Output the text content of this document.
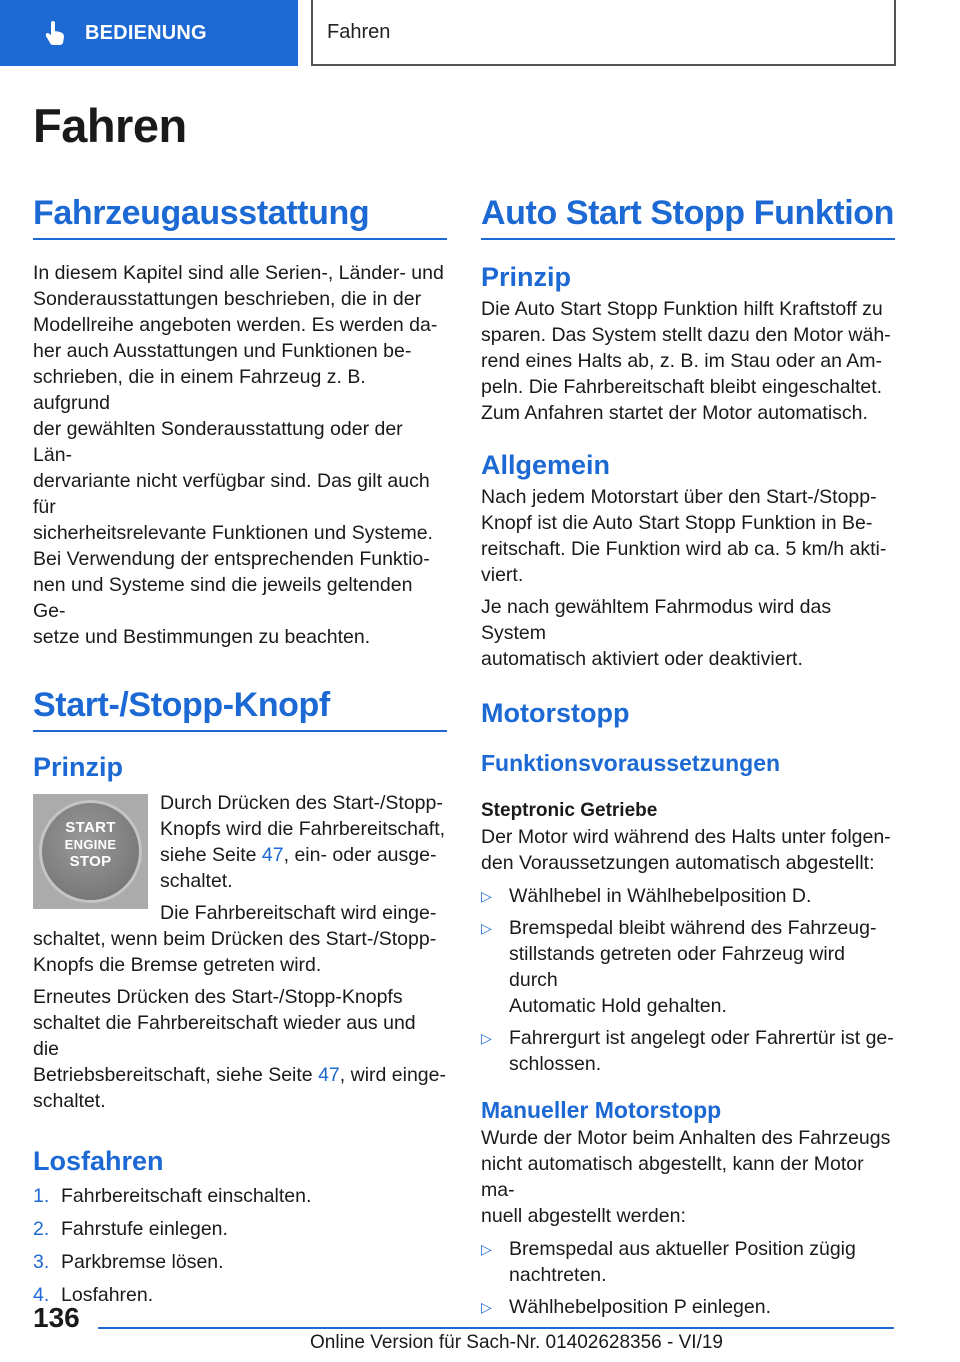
BEDIENUNG	Fahren
Fahren
Fahrzeugausstattung

In diesem Kapitel sind alle Serien-, Länder- und
Sonderausstattungen beschrieben, die in der
Modellreihe angeboten werden. Es werden da-
her auch Ausstattungen und Funktionen be-
schrieben, die in einem Fahrzeug z. B. aufgrund
der gewählten Sonderausstattung oder der Län-
dervariante nicht verfügbar sind. Das gilt auch für
sicherheitsrelevante Funktionen und Systeme.
Bei Verwendung der entsprechenden Funktio-
nen und Systeme sind die jeweils geltenden Ge-
setze und Bestimmungen zu beachten.

Start-/Stopp-Knopf
Prinzip
START
ENGINE
STOP

Durch Drücken des Start-/Stopp-
Knopfs wird die Fahrbereitschaft,
siehe Seite 47, ein- oder ausge-
schaltet.

Die Fahrbereitschaft wird einge-
schaltet, wenn beim Drücken des Start-/Stopp-
Knopfs die Bremse getreten wird.

Erneutes Drücken des Start-/Stopp-Knopfs
schaltet die Fahrbereitschaft wieder aus und die
Betriebsbereitschaft, siehe Seite 47, wird einge-
schaltet.

Losfahren
1. Fahrbereitschaft einschalten.
2. Fahrstufe einlegen.
3. Parkbremse lösen.
4. Losfahren.
Auto Start Stopp Funktion
Prinzip

Die Auto Start Stopp Funktion hilft Kraftstoff zu
sparen. Das System stellt dazu den Motor wäh-
rend eines Halts ab, z. B. im Stau oder an Am-
peln. Die Fahrbereitschaft bleibt eingeschaltet.
Zum Anfahren startet der Motor automatisch.

Allgemein

Nach jedem Motorstart über den Start-/Stopp-
Knopf ist die Auto Start Stopp Funktion in Be-
reitschaft. Die Funktion wird ab ca. 5 km/h akti-
viert.

Je nach gewähltem Fahrmodus wird das System
automatisch aktiviert oder deaktiviert.

Motorstopp
Funktionsvoraussetzungen
Steptronic Getriebe

Der Motor wird während des Halts unter folgen-
den Voraussetzungen automatisch abgestellt:

▷ Wählhebel in Wählhebelposition D.
▷ Bremspedal bleibt während des Fahrzeug-
stillstands getreten oder Fahrzeug wird durch
Automatic Hold gehalten.
▷ Fahrergurt ist angelegt oder Fahrertür ist ge-
schlossen.
Manueller Motorstopp

Wurde der Motor beim Anhalten des Fahrzeugs
nicht automatisch abgestellt, kann der Motor ma-
nuell abgestellt werden:

▷ Bremspedal aus aktueller Position zügig
nachtreten.
▷ Wählhebelposition P einlegen.
136
Online Version für Sach-Nr. 01402628356 - VI/19
